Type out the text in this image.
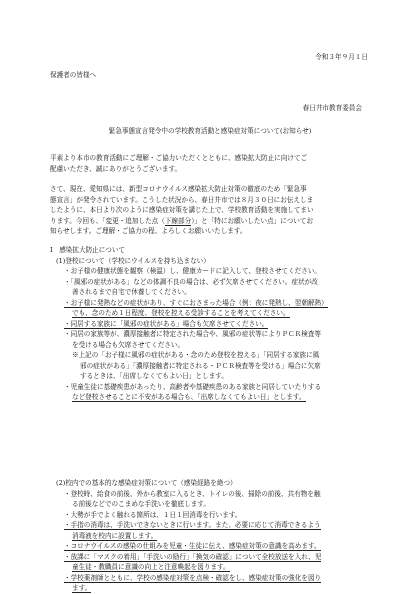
令和３年９月１日
保護者の皆様へ
春日井市教育委員会
緊急事態宣言発令中の学校教育活動と感染症対策について(お知らせ)
平素より本市の教育活動にご理解・ご協力いただくとともに、感染拡大防止に向けてご
配慮いただき、誠にありがとうございます。
さて、現在、愛知県には、新型コロナウイルス感染拡大防止対策の徹底のため「緊急事
態宣言」が発令されています。こうした状況から、春日井市では８月３０日にお伝えしま
したように、本日より次のように感染症対策を講じた上で、学校教育活動を実施してまい
ります。今回も、「変更・追加した点（下線部分）」と「特にお願いしたい点」についてお
知らせします。ご理解・ご協力の程、よろしくお願いいたします。
Ⅰ　感染拡大防止について
(1)登校について（学校にウイルスを持ち込まない）
・お子様の健康状態を観察（検温）し、健康カードに記入して、登校させてください。
・「風邪の症状がある」などの体調不良の場合は、必ず欠席させてください。症状が改
善されるまで自宅で休養してください。
・お子様に発熱などの症状があり、すぐにおさまった場合（例：夜に発熱し、翌朝解熱）
でも、念のため１日程度、登校を控える受診することを考えてください。
・同居する家族に「風邪の症状がある」場合も欠席させてください。
・同居の家族等が、濃厚接触者に特定された場合や、風邪の症状等によりＰＣＲ検査等
を受ける場合も欠席させてください。
※上記の「お子様に風邪の症状がある・念のため登校を控える」「同居する家族に風
邪の症状がある」「濃厚接触者に特定される・ＰＣＲ検査等を受ける」場合に欠席
するときは、「出席しなくてもよい日」とします。
・児童生徒に基礎疾患があったり、高齢者や基礎疾患のある家族と同居していたりする
など登校させることに不安がある場合も、「出席しなくてもよい日」とします。
(2)校内での基本的な感染症対策について（感染経路を絶つ）
・登校時、給食の前後、外から教室に入るとき、トイレの後、掃除の前後、共有物を触
る前後などでのこまめな手洗いを徹底します。
・大勢が手でよく触れる箇所は、１日１回消毒を行います。
・手指の消毒は、手洗いできないときに行います。また、必要に応じて消毒できるよう
消毒液を校内に設置します。
・コロナウイルスの感染の仕組みを児童・生徒に伝え、感染症対策の意識を高めます。
・放課に「マスクの着用」「手洗いの励行」「換気の確認」について全校放送を入れ、児
童生徒・教職員に意識の向上と注意喚起を図ります。
・学校薬剤師とともに、学校の感染症対策を点検・確認をし、感染症対策の強化を図り
ます。
